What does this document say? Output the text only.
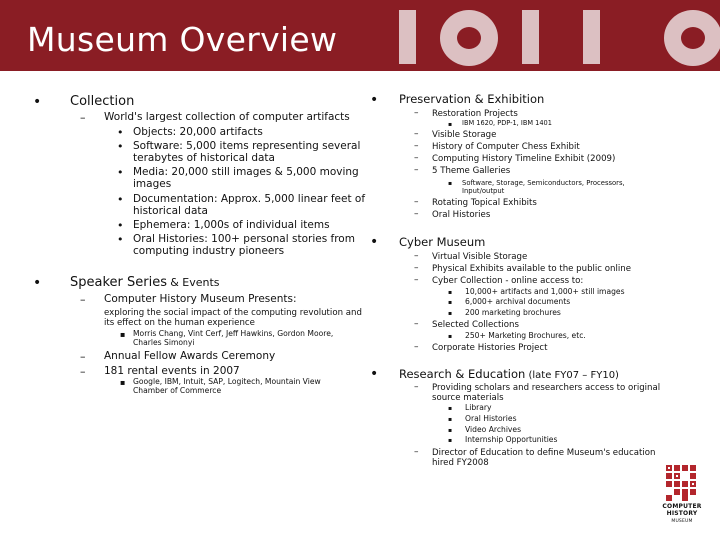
Museum Overview
• Collection
– World's largest collection of computer artifacts
• Objects: 20,000 artifacts
• Software: 5,000 items representing several
terabytes of historical data
• Media: 20,000 still images & 5,000 moving
images
• Documentation: Approx. 5,000 linear feet of
historical data
• Ephemera: 1,000s of individual items
• Oral Histories: 100+ personal stories from
computing industry pioneers
• Speaker Series & Events
– Computer History Museum Presents:
exploring the social impact of the computing revolution and
its effect on the human experience
▪ Morris Chang, Vint Cerf, Jeff Hawkins, Gordon Moore,
Charles Simonyi
– Annual Fellow Awards Ceremony
– 181 rental events in 2007
▪ Google, IBM, Intuit, SAP, Logitech, Mountain View
Chamber of Commerce
• Preservation & Exhibition
– Restoration Projects
▪ IBM 1620, PDP-1, IBM 1401
– Visible Storage
– History of Computer Chess Exhibit
– Computing History Timeline Exhibit (2009)
– 5 Theme Galleries
▪ Software, Storage, Semiconductors, Processors,
Input/output
– Rotating Topical Exhibits
– Oral Histories
• Cyber Museum
– Virtual Visible Storage
– Physical Exhibits available to the public online
– Cyber Collection - online access to:
▪ 10,000+ artifacts and 1,000+ still images
▪ 6,000+ archival documents
▪ 200 marketing brochures
– Selected Collections
▪ 250+ Marketing Brochures, etc.
– Corporate Histories Project
• Research & Education (late FY07 – FY10)
– Providing scholars and researchers access to original
source materials
▪ Library
▪ Oral Histories
▪ Video Archives
▪ Internship Opportunities
– Director of Education to define Museum's education
hired FY2008
COMPUTER
HISTORY
MUSEUM
